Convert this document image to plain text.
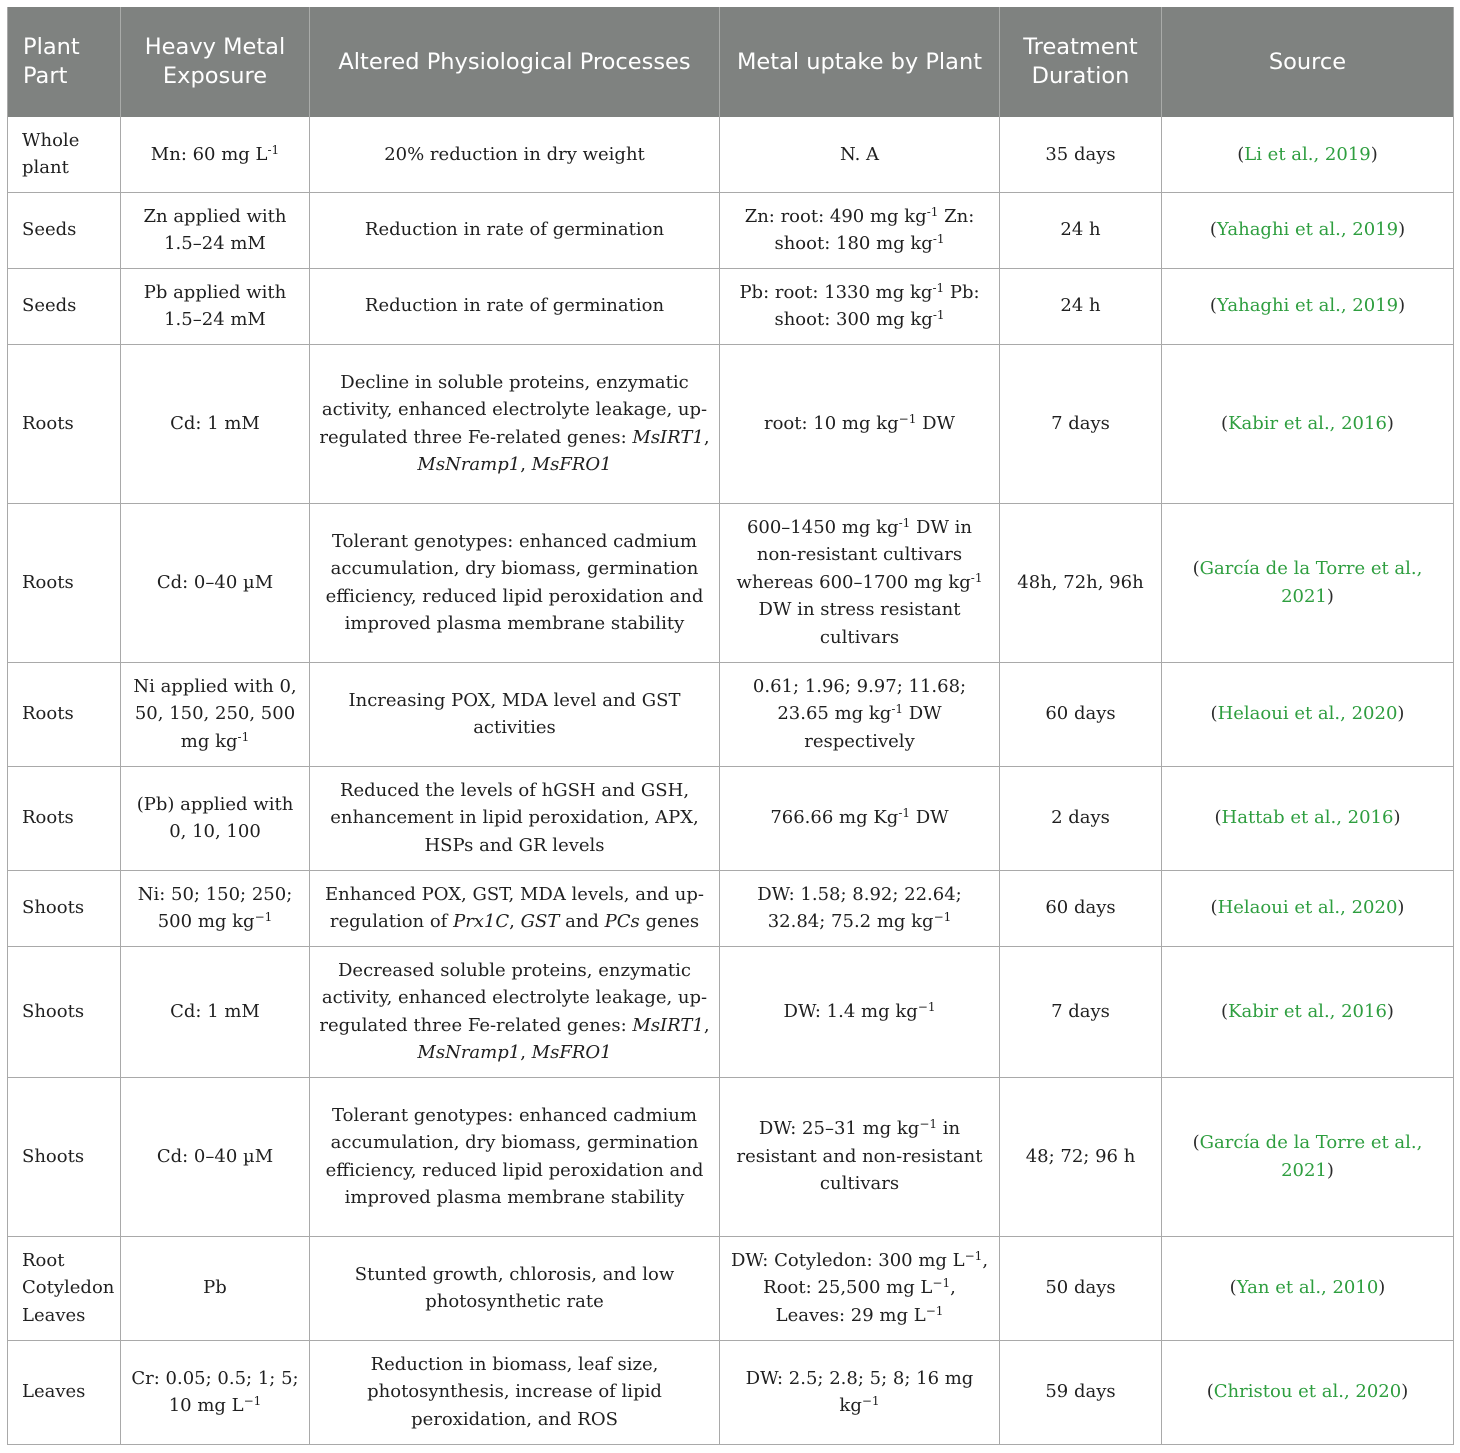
Plant Part	Heavy Metal Exposure	Altered Physiological Processes	Metal uptake by Plant	Treatment Duration	Source
Whole plant	Mn: 60 mg $L^{-1}$	20% reduction in dry weight	N. A	35 days	(Li et al., 2019)
Seeds	Zn applied with 1.5–24 mM	Reduction in rate of germination	Zn: root: 490 mg $kg^{-1}$ Zn: shoot: 180 mg $kg^{-1}$	24 h	(Yahaghi et al., 2019)
Seeds	Pb applied with 1.5–24 mM	Reduction in rate of germination	Pb: root: 1330 mg $kg^{-1}$ Pb: shoot: 300 mg $kg^{-1}$	24 h	(Yahaghi et al., 2019)
Roots	Cd: 1 mM	Decline in soluble proteins, enzymatic activity, enhanced electrolyte leakage, up-regulated three Fe-related genes: MsIRT1, MsNramp1, MsFRO1	root: 10 mg $kg^{-1}$ DW	7 days	(Kabir et al., 2016)
Roots	Cd: 0–40 µM	Tolerant genotypes: enhanced cadmium accumulation, dry biomass, germination efficiency, reduced lipid peroxidation and improved plasma membrane stability	600–1450 mg $kg^{-1}$ DW in non-resistant cultivars whereas 600–1700 mg $kg^{-1}$ DW in stress resistant cultivars	48h, 72h, 96h	(García de la Torre et al., 2021)
Roots	Ni applied with 0, 50, 150, 250, 500 mg $kg^{-1}$	Increasing POX, MDA level and GST activities	0.61; 1.96; 9.97; 11.68; 23.65 mg $kg^{-1}$ DW respectively	60 days	(Helaoui et al., 2020)
Roots	(Pb) applied with 0, 10, 100	Reduced the levels of hGSH and GSH, enhancement in lipid peroxidation, APX, HSPs and GR levels	766.66 mg $Kg^{-1}$ DW	2 days	(Hattab et al., 2016)
Shoots	Ni: 50; 150; 250; 500 mg $kg^{-1}$	Enhanced POX, GST, MDA levels, and up-regulation of Prx1C, GST and PCs genes	DW: 1.58; 8.92; 22.64; 32.84; 75.2 mg $kg^{-1}$	60 days	(Helaoui et al., 2020)
Shoots	Cd: 1 mM	Decreased soluble proteins, enzymatic activity, enhanced electrolyte leakage, up-regulated three Fe-related genes: MsIRT1, MsNramp1, MsFRO1	DW: 1.4 mg $kg^{-1}$	7 days	(Kabir et al., 2016)
Shoots	Cd: 0–40 µM	Tolerant genotypes: enhanced cadmium accumulation, dry biomass, germination efficiency, reduced lipid peroxidation and improved plasma membrane stability	DW: 25–31 mg $kg^{-1}$ in resistant and non-resistant cultivars	48; 72; 96 h	(García de la Torre et al., 2021)
Root Cotyledon Leaves	Pb	Stunted growth, chlorosis, and low photosynthetic rate	DW: Cotyledon: 300 mg $L^{-1}$, Root: 25,500 mg $L^{-1}$, Leaves: 29 mg $L^{-1}$	50 days	(Yan et al., 2010)
Leaves	Cr: 0.05; 0.5; 1; 5; 10 mg $L^{-1}$	Reduction in biomass, leaf size, photosynthesis, increase of lipid peroxidation, and ROS	DW: 2.5; 2.8; 5; 8; 16 mg $kg^{-1}$	59 days	(Christou et al., 2020)
